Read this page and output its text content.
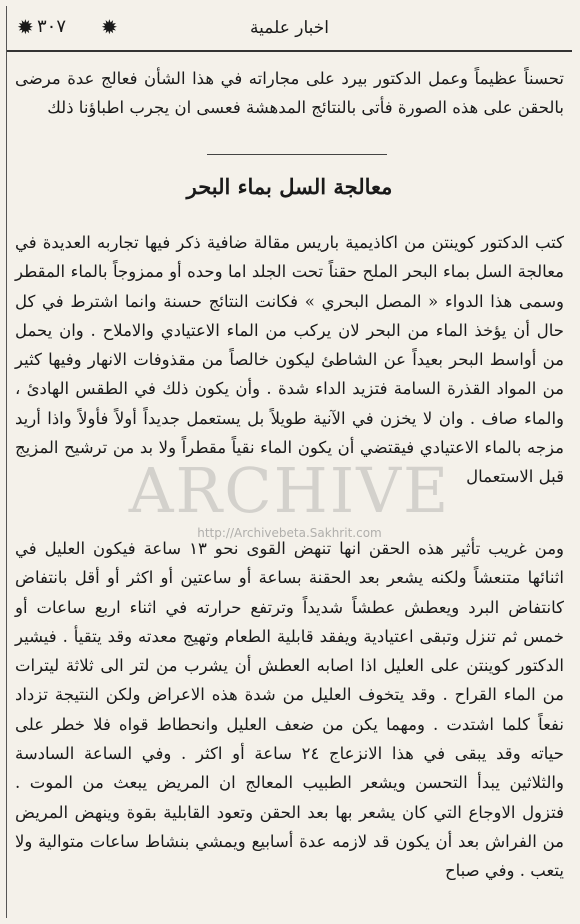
✹ ٣٠٧ ✹	اخبار علمية
تحسناً عظيماً وعمل الدكتور بيرد على مجاراته في هذا الشأن فعالج عدة مرضى بالحقن على هذه الصورة فأتى بالنتائج المدهشة فعسى ان يجرب اطباؤنا ذلك
معالجة السل بماء البحر
كتب الدكتور كوينتن من اكاذيمية باريس مقالة ضافية ذكر فيها تجاربه العديدة في معالجة السل بماء البحر الملح حقناً تحت الجلد اما وحده أو ممزوجاً بالماء المقطر وسمى هذا الدواء « المصل البحري » فكانت النتائج حسنة وانما اشترط في كل حال أن يؤخذ الماء من البحر لان يركب من الماء الاعتيادي والاملاح . وان يحمل من أواسط البحر بعيداً عن الشاطئ ليكون خالصاً من مقذوفات الانهار وفيها كثير من المواد القذرة السامة فتزيد الداء شدة . وأن يكون ذلك في الطقس الهادئ ، والماء صاف . وان لا يخزن في الآنية طويلاً بل يستعمل جديداً أولاً فأولاً واذا أريد مزجه بالماء الاعتيادي فيقتضي أن يكون الماء نقياً مقطراً ولا بد من ترشيح المزيج قبل الاستعمال
ومن غريب تأثير هذه الحقن انها تنهض القوى نحو ١٣ ساعة فيكون العليل في اثنائها متنعشاً ولكنه يشعر بعد الحقنة بساعة أو ساعتين أو اكثر أو أقل بانتفاض كانتفاض البرد ويعطش عطشاً شديداً وترتفع حرارته في اثناء اربع ساعات أو خمس ثم تنزل وتبقى اعتيادية ويفقد قابلية الطعام وتهيج معدته وقد يتقيأ . فيشير الدكتور كوينتن على العليل اذا اصابه العطش أن يشرب من لتر الى ثلاثة ليترات من الماء القراح . وقد يتخوف العليل من شدة هذه الاعراض ولكن النتيجة تزداد نفعاً كلما اشتدت . ومهما يكن من ضعف العليل وانحطاط قواه فلا خطر على حياته وقد يبقى في هذا الانزعاج ٢٤ ساعة أو اكثر . وفي الساعة السادسة والثلاثين يبدأ التحسن ويشعر الطبيب المعالج ان المريض يبعث من الموت . فتزول الاوجاع التي كان يشعر بها بعد الحقن وتعود القابلية بقوة وينهض المريض من الفراش بعد أن يكون قد لازمه عدة أسابيع ويمشي بنشاط ساعات متوالية ولا يتعب . وفي صباح
ARCHIVE
http://Archivebeta.Sakhrit.com
